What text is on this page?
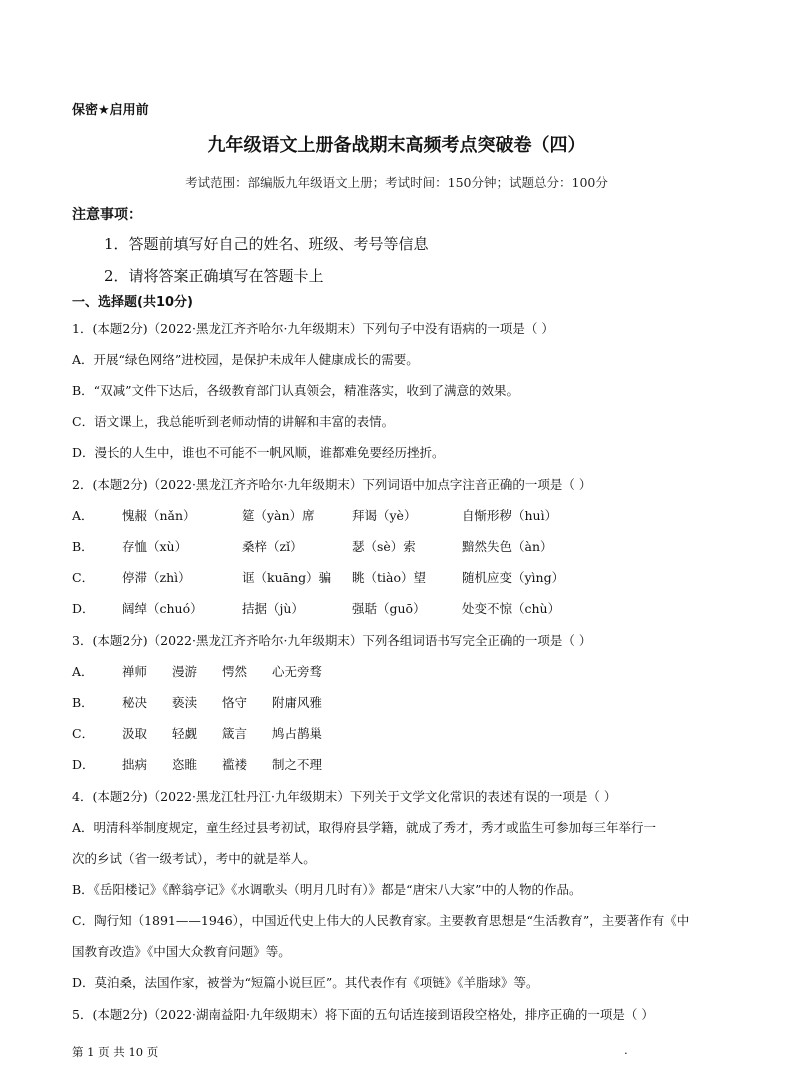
保密★启用前
九年级语文上册备战期末高频考点突破卷（四）
考试范围：部编版九年级语文上册；考试时间：150分钟；试题总分：100分
注意事项：
1．答题前填写好自己的姓名、班级、考号等信息
2．请将答案正确填写在答题卡上
一、选择题(共10分)
1．(本题2分)（2022·黑龙江齐齐哈尔·九年级期末）下列句子中没有语病的一项是（ ）
A．开展“绿色网络”进校园，是保护未成年人健康成长的需要。
B．“双减”文件下达后，各级教育部门认真领会，精准落实，收到了满意的效果。
C．语文课上，我总能听到老师动情的讲解和丰富的表情。
D．漫长的人生中，谁也不可能不一帆风顺，谁都难免要经历挫折。
2．(本题2分)（2022·黑龙江齐齐哈尔·九年级期末）下列词语中加点字注音正确的一项是（ ）
A． 愧赧（nǎn）	筵（yàn）席	拜谒（yè）	自惭形秽（huì）
B． 存恤（xù）	桑梓（zǐ）	瑟（sè）索	黯然失色（àn）
C． 停滞（zhì）	诓（kuāng）骗 眺（tiào）望	随机应变（yìng）
D． 阔绰（chuó）	拮据（jù）	强聒（guō）	处变不惊（chù）
3．(本题2分)（2022·黑龙江齐齐哈尔·九年级期末）下列各组词语书写完全正确的一项是（ ）
A． 禅师 漫游 愕然 心无旁骛
B． 秘决 亵渎 恪守 附庸风雅
C． 汲取 轻觑 箴言 鸠占鹊巢
D． 拙病 恣睢 褴褛 制之不理
4．(本题2分)（2022·黑龙江牡丹江·九年级期末）下列关于文学文化常识的表述有误的一项是（ ）
A．明清科举制度规定，童生经过县考初试，取得府县学籍，就成了秀才，秀才或监生可参加每三年举行一
次的乡试（省一级考试），考中的就是举人。
B．《岳阳楼记》《醉翁亭记》《水调歌头（明月几时有）》都是“唐宋八大家”中的人物的作品。
C．陶行知（1891——1946），中国近代史上伟大的人民教育家。主要教育思想是“生活教育”，主要著作有《中
国教育改造》《中国大众教育问题》等。
D．莫泊桑，法国作家，被誉为“短篇小说巨匠”。其代表作有《项链》《羊脂球》等。
5．(本题2分)（2022·湖南益阳·九年级期末）将下面的五句话连接到语段空格处，排序正确的一项是（ ）
第 1 页 共 10 页	.
